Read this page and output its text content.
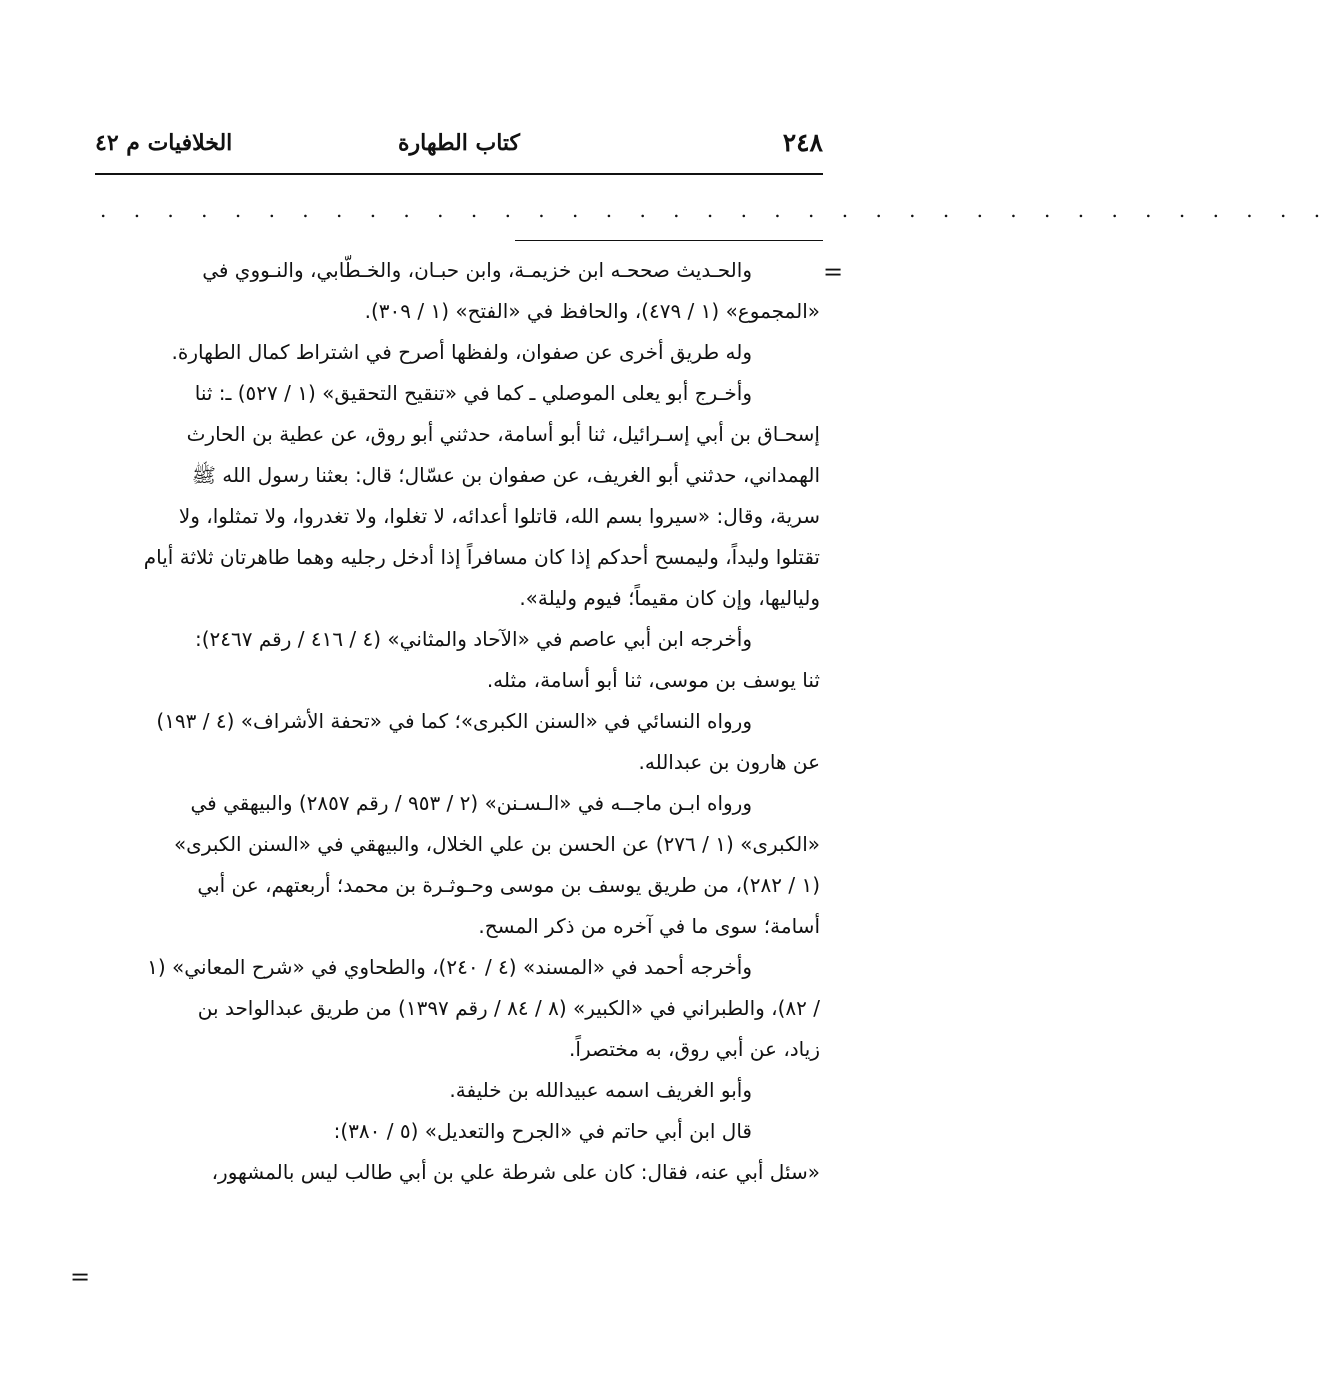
٢٤٨
كتاب الطهارة
الخلافيات م ٤٢
. . . . . . . . . . . . . . . . . . . . . . . . . . . . . . . . . . . . .
=
والحـديث صححـه ابن خزيمـة، وابن حبـان، والخـطّابي، والنـووي في
«المجموع» (١ / ٤٧٩)، والحافظ في «الفتح» (١ / ٣٠٩).
وله طريق أخرى عن صفوان، ولفظها أصرح في اشتراط كمال الطهارة.
وأخـرج أبو يعلى الموصلي ـ كما في «تنقيح التحقيق» (١ / ٥٢٧) ـ: ثنا
إسحـاق بن أبي إسـرائيل، ثنا أبو أسامة، حدثني أبو روق، عن عطية بن الحارث
الهمداني، حدثني أبو الغريف، عن صفوان بن عسّال؛ قال: بعثنا رسول الله ﷺ
سرية، وقال: «سيروا بسم الله، قاتلوا أعدائه، لا تغلوا، ولا تغدروا، ولا تمثلوا، ولا
تقتلوا وليداً، وليمسح أحدكم إذا كان مسافراً إذا أدخل رجليه وهما طاهرتان ثلاثة أيام
ولياليها، وإن كان مقيماً؛ فيوم وليلة».
وأخرجه ابن أبي عاصم في «الآحاد والمثاني» (٤ / ٤١٦ / رقم ٢٤٦٧):
ثنا يوسف بن موسى، ثنا أبو أسامة، مثله.
ورواه النسائي في «السنن الكبرى»؛ كما في «تحفة الأشراف» (٤ / ١٩٣)
عن هارون بن عبدالله.
ورواه ابـن ماجــه في «الـسـنن» (٢ / ٩٥٣ / رقم ٢٨٥٧) والبيهقي في
«الكبرى» (١ / ٢٧٦) عن الحسن بن علي الخلال، والبيهقي في «السنن الكبرى»
(١ / ٢٨٢)، من طريق يوسف بن موسى وحـوثـرة بن محمد؛ أربعتهم، عن أبي
أسامة؛ سوى ما في آخره من ذكر المسح.
وأخرجه أحمد في «المسند» (٤ / ٢٤٠)، والطحاوي في «شرح المعاني» (١
/ ٨٢)، والطبراني في «الكبير» (٨ / ٨٤ / رقم ١٣٩٧) من طريق عبدالواحد بن
زياد، عن أبي روق، به مختصراً.
وأبو الغريف اسمه عبيدالله بن خليفة.
قال ابن أبي حاتم في «الجرح والتعديل» (٥ / ٣٨٠):
«سئل أبي عنه، فقال: كان على شرطة علي بن أبي طالب ليس بالمشهور،
=
